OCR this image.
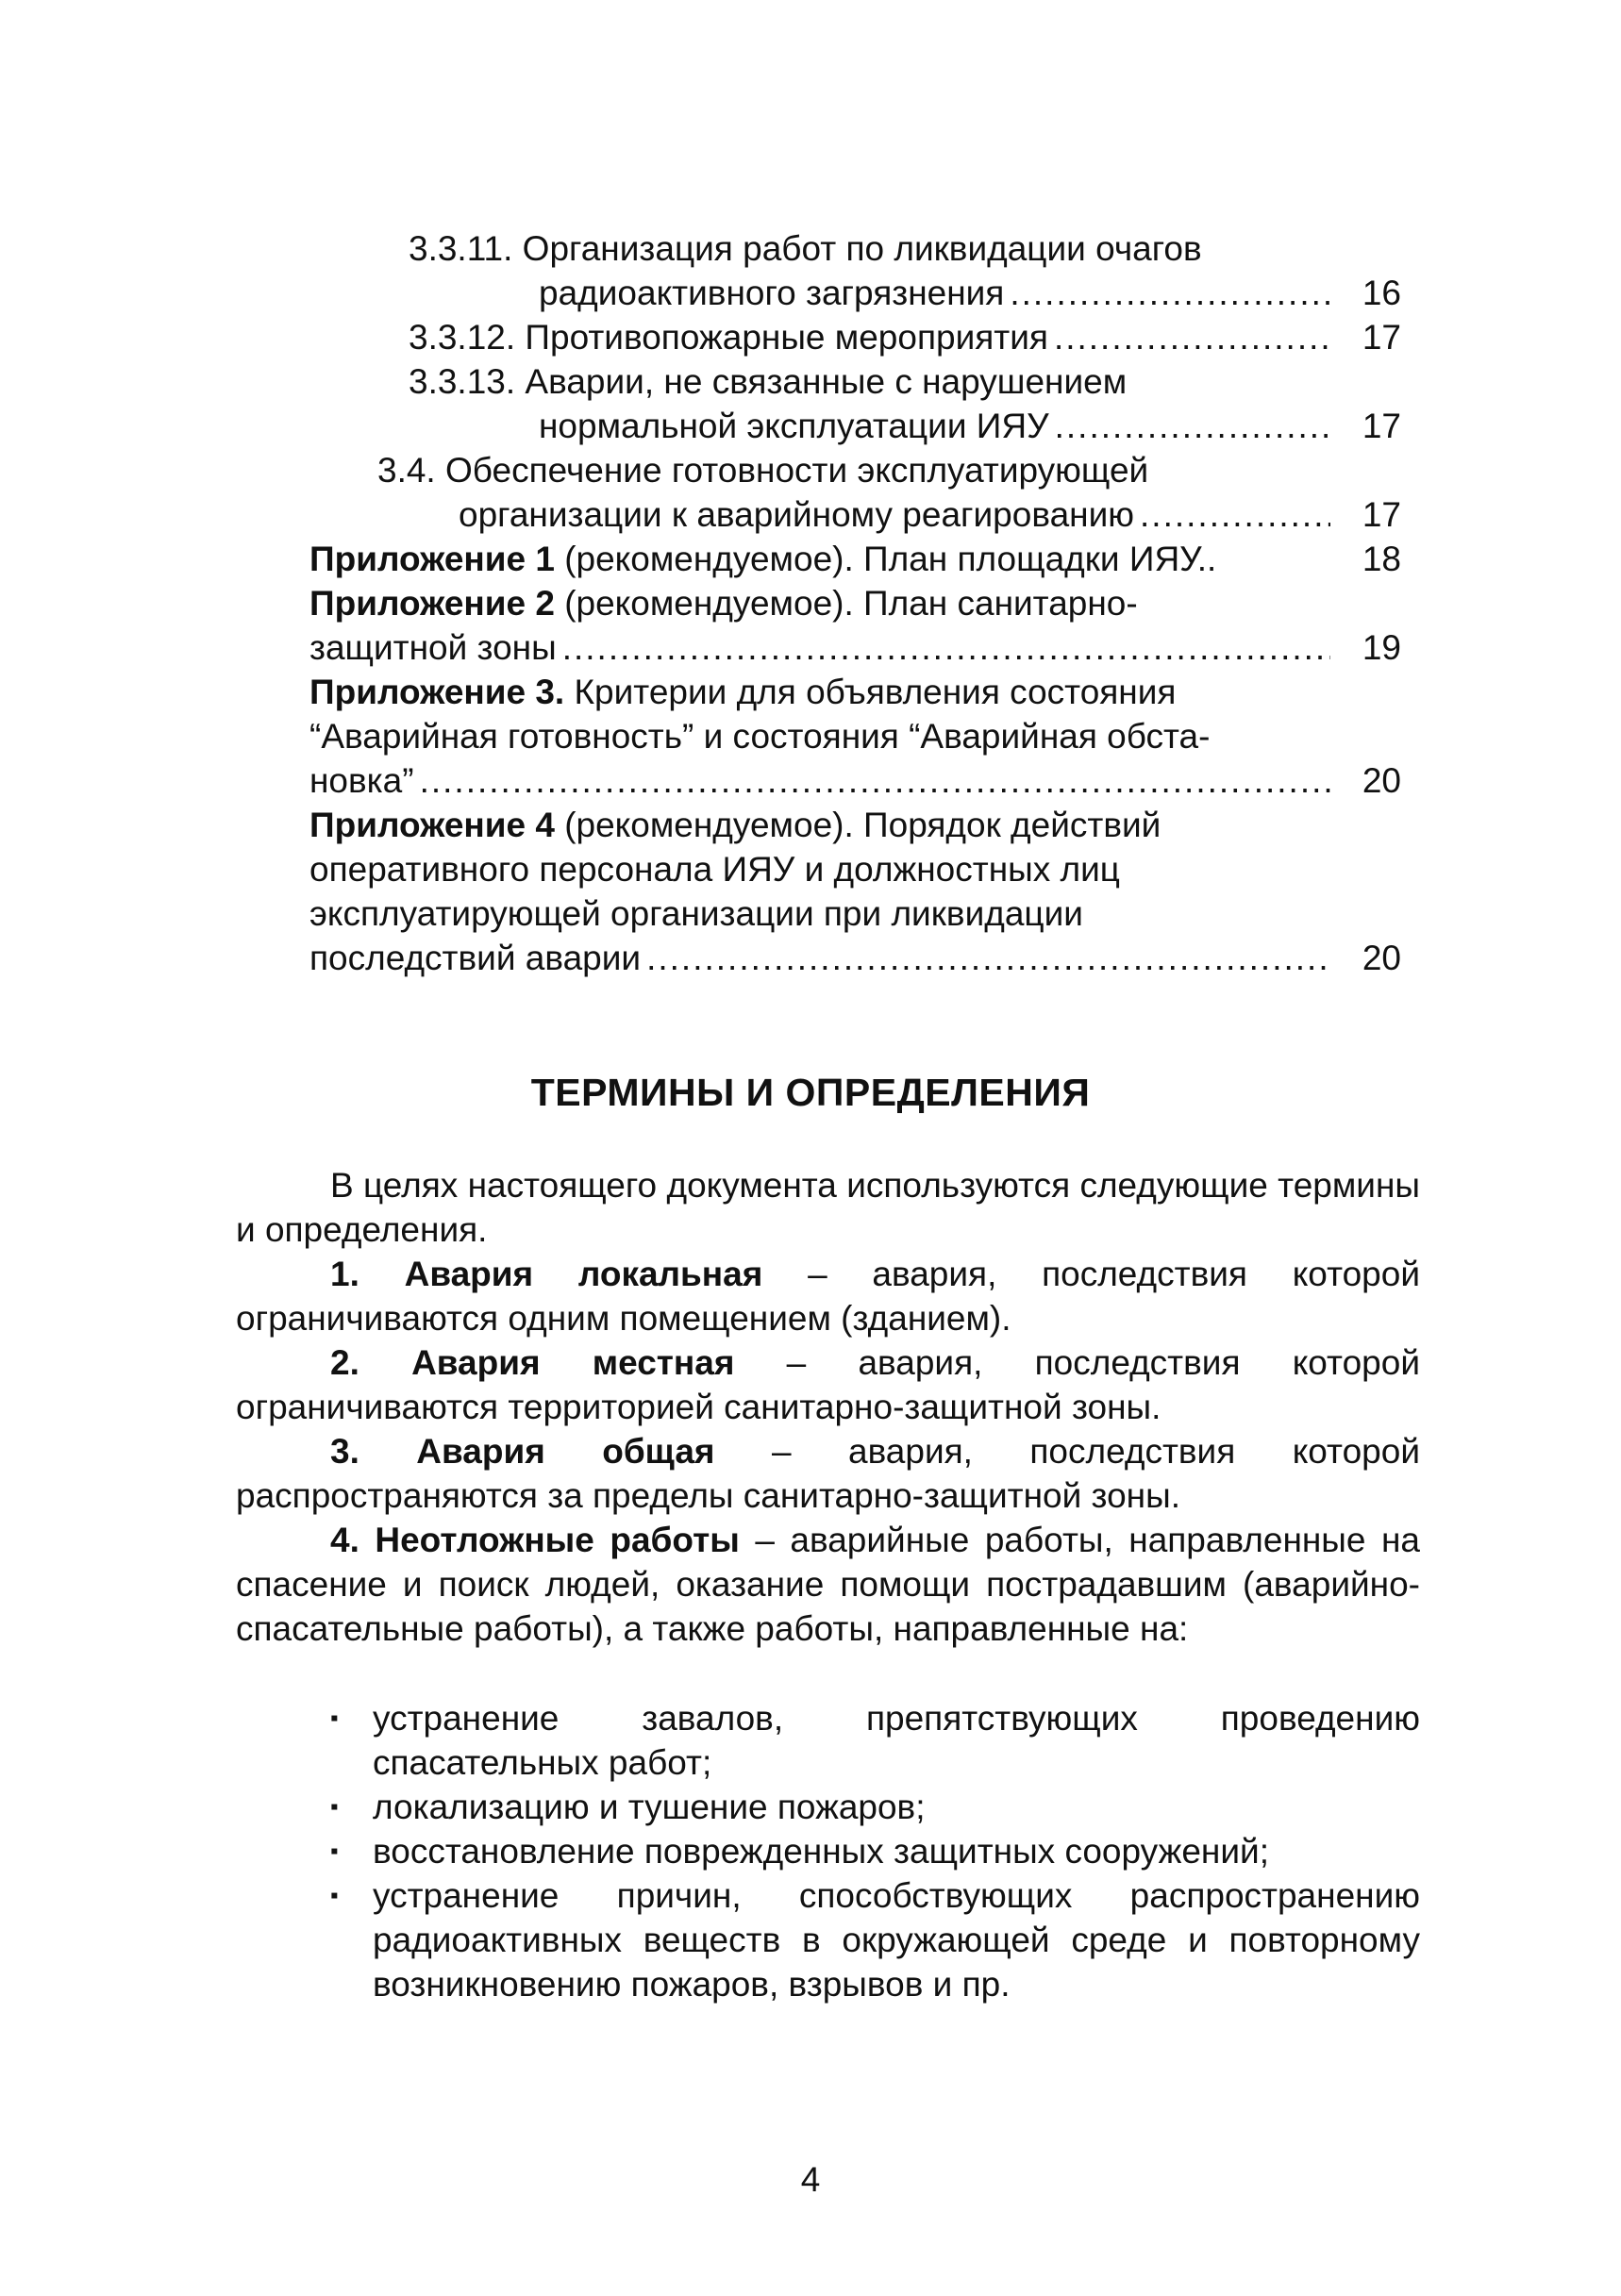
3.3.11. Организация работ по ликвидации очагов
радиоактивного загрязнения .....	16
3.3.12. Противопожарные мероприятия .....	17
3.3.13. Аварии, не связанные с нарушением
нормальной эксплуатации ИЯУ .....	17
3.4. Обеспечение готовности эксплуатирующей
организации к аварийному реагированию .....	17
Приложение 1 (рекомендуемое). План площадки ИЯУ..	18
Приложение 2 (рекомендуемое). План санитарно-
защитной зоны .....	19
Приложение 3. Критерии для объявления состояния
“Аварийная готовность” и состояния “Аварийная обста-
новка” .....	20
Приложение 4 (рекомендуемое). Порядок действий
оперативного персонала ИЯУ и должностных лиц
эксплуатирующей организации при ликвидации
последствий аварии .....	20
ТЕРМИНЫ И ОПРЕДЕЛЕНИЯ

В целях настоящего документа используются следующие термины и определения.

1. Авария локальная – авария, последствия которой ограничиваются одним помещением (зданием).

2. Авария местная – авария, последствия которой ограничиваются территорией санитарно-защитной зоны.

3. Авария общая – авария, последствия которой распространяются за пределы санитарно-защитной зоны.

4. Неотложные работы – аварийные работы, направленные на спасение и поиск людей, оказание помощи пострадавшим (аварийно-спасательные работы), а также работы, направленные на:

▪ устранение завалов, препятствующих проведению спасательных работ;

▪ локализацию и тушение пожаров;

▪ восстановление поврежденных защитных сооружений;

▪ устранение причин, способствующих распространению радиоактивных веществ в окружающей среде и повторному возникновению пожаров, взрывов и пр.

4
